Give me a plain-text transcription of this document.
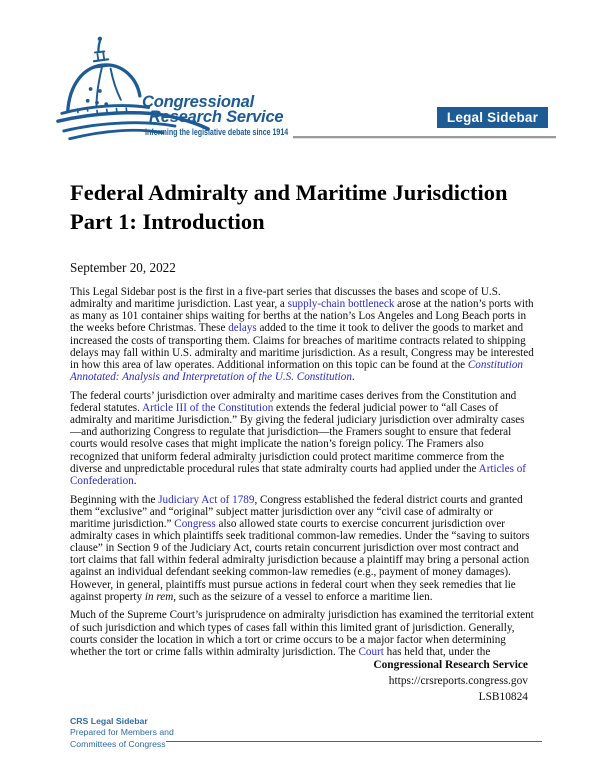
Congressional
Research Service
Informing the legislative debate since 1914
Legal Sidebar
Federal Admiralty and Maritime Jurisdiction
Part 1: Introduction
September 20, 2022

This Legal Sidebar post is the first in a five-part series that discusses the bases and scope of U.S. admiralty and maritime jurisdiction. Last year, a supply-chain bottleneck arose at the nation’s ports with as many as 101 container ships waiting for berths at the nation’s Los Angeles and Long Beach ports in the weeks before Christmas. These delays added to the time it took to deliver the goods to market and increased the costs of transporting them. Claims for breaches of maritime contracts related to shipping delays may fall within U.S. admiralty and maritime jurisdiction. As a result, Congress may be interested in how this area of law operates. Additional information on this topic can be found at the Constitution Annotated: Analysis and Interpretation of the U.S. Constitution.

The federal courts’ jurisdiction over admiralty and maritime cases derives from the Constitution and federal statutes. Article III of the Constitution extends the federal judicial power to “all Cases of admiralty and maritime Jurisdiction.” By giving the federal judiciary jurisdiction over admiralty cases—and authorizing Congress to regulate that jurisdiction—the Framers sought to ensure that federal courts would resolve cases that might implicate the nation’s foreign policy. The Framers also recognized that uniform federal admiralty jurisdiction could protect maritime commerce from the diverse and unpredictable procedural rules that state admiralty courts had applied under the Articles of Confederation.

Beginning with the Judiciary Act of 1789, Congress established the federal district courts and granted them “exclusive” and “original” subject matter jurisdiction over any “civil case of admiralty or maritime jurisdiction.” Congress also allowed state courts to exercise concurrent jurisdiction over admiralty cases in which plaintiffs seek traditional common-law remedies. Under the “saving to suitors clause” in Section 9 of the Judiciary Act, courts retain concurrent jurisdiction over most contract and tort claims that fall within federal admiralty jurisdiction because a plaintiff may bring a personal action against an individual defendant seeking common-law remedies (e.g., payment of money damages). However, in general, plaintiffs must pursue actions in federal court when they seek remedies that lie against property in rem, such as the seizure of a vessel to enforce a maritime lien.

Much of the Supreme Court’s jurisprudence on admiralty jurisdiction has examined the territorial extent of such jurisdiction and which types of cases fall within this limited grant of jurisdiction. Generally, courts consider the location in which a tort or crime occurs to be a major factor when determining whether the tort or crime falls within admiralty jurisdiction. The Court has held that, under the

Congressional Research Service
https://crsreports.congress.gov
LSB10824
CRS Legal Sidebar
Prepared for Members and
Committees of Congress
